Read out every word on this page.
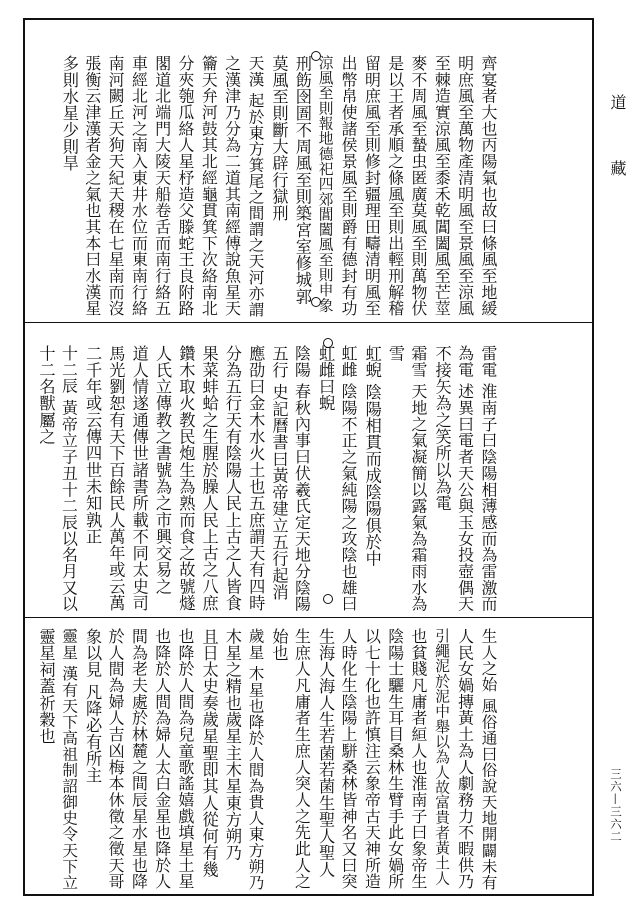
道
藏
三六—三六二
齊宴者大也丙陽氣也故曰條風至地緩
明庶風至萬物產清明風至景風至涼風
至棘造實涼風至黍禾乾閶闔風至芒莖
麥不周風至蟄虫匿廣莫風至則萬物伏
是以王者承順之條風至則出輕刑解稽
留明庶風至則修封疆理田疇清明風至
出幣帛使諸侯景風至則爵有德封有功
涼風至則報地德祀四郊閶闔風至則申象
刑飭囹圄不周風至則築宮室修城郭
莫風至則斷大辟行獄刑
天漢 起於東方箕尾之間謂之天河亦謂
之漢津乃分為二道其南經傅說魚星天
籥天弁河鼓其北經龜貫箕下次絡南北
分夾匏瓜絡人星杼造父滕蛇王良附路
閣道北端門大陵天船卷舌而南行絡五
車經北河之南入東井水位而東南行絡
南河闕丘天狗天紀天稷在七星南而沒
張衡云津漢者金之氣也其本曰水漢星
多則水星少則旱
雷電 淮南子曰陰陽相薄感而為雷激而
為電 述異曰電者天公與玉女投壺偶天
不接矢為之笑所以為電
霜雪 天地之氣凝簡以露氣為霜雨水為
雪
虹蜺 陰陽相貫而成陰陽俱於中
虹雌 陰陽不正之氣純陽之攻陰也雄曰
虹雌曰蜺
陰陽 春秋內事曰伏羲氏定天地分陰陽
五行 史記曆書曰黃帝建立五行起消
應劭曰金木水火土也五庶謂天有四時
分為五行天有陰陽人民上古之人皆食
果菜蚌蛤之生腥於臊人民上古之八庶
鑽木取火教民炮生為熟而食之故號燧
人氏立傳教之書號為之市興交易之
道人情遂通傳世諸書所載不同太史司
馬光劉恕有天下百餘民人萬年或云萬
二千年或云傳四世未知孰正
十二辰 黃帝立子丑十二辰以名月又以
十二名獸屬之
生人之始 風俗通曰俗說天地開闢未有
人民女媧摶黃土為人劇務力不暇供乃
引繩泥於泥中舉以為人故富貴者黃土人
也貧賤凡庸者絙人也淮南子曰象帝生
陰陽士驪生耳目桑林生臂手此女媧所
以七十化也許慎注云象帝古天神所造
人時化生陰陽上駢桑林皆神名又曰突
生海人海人生若菌若菌生聖人聖人
生庶人凡庸者生庶人突人之先此人之
始也
歲星 木星也降於人間為貴人東方朔乃
木星之精也歲星主木星東方朔乃
且日太史奏歲星聖即其人從何有幾
也降於人間為兒童歌謠嬉戲填星土星
也降於人間為婦人太白金星也降於人
間為老夫處於林麓之間辰星水星也降
於人間為婦人吉凶梅本休徵之徵天哥
象以見 凡降必有所主
靈星 漢有天下高祖制詔御史令天下立
靈星祠蓋祈穀也
